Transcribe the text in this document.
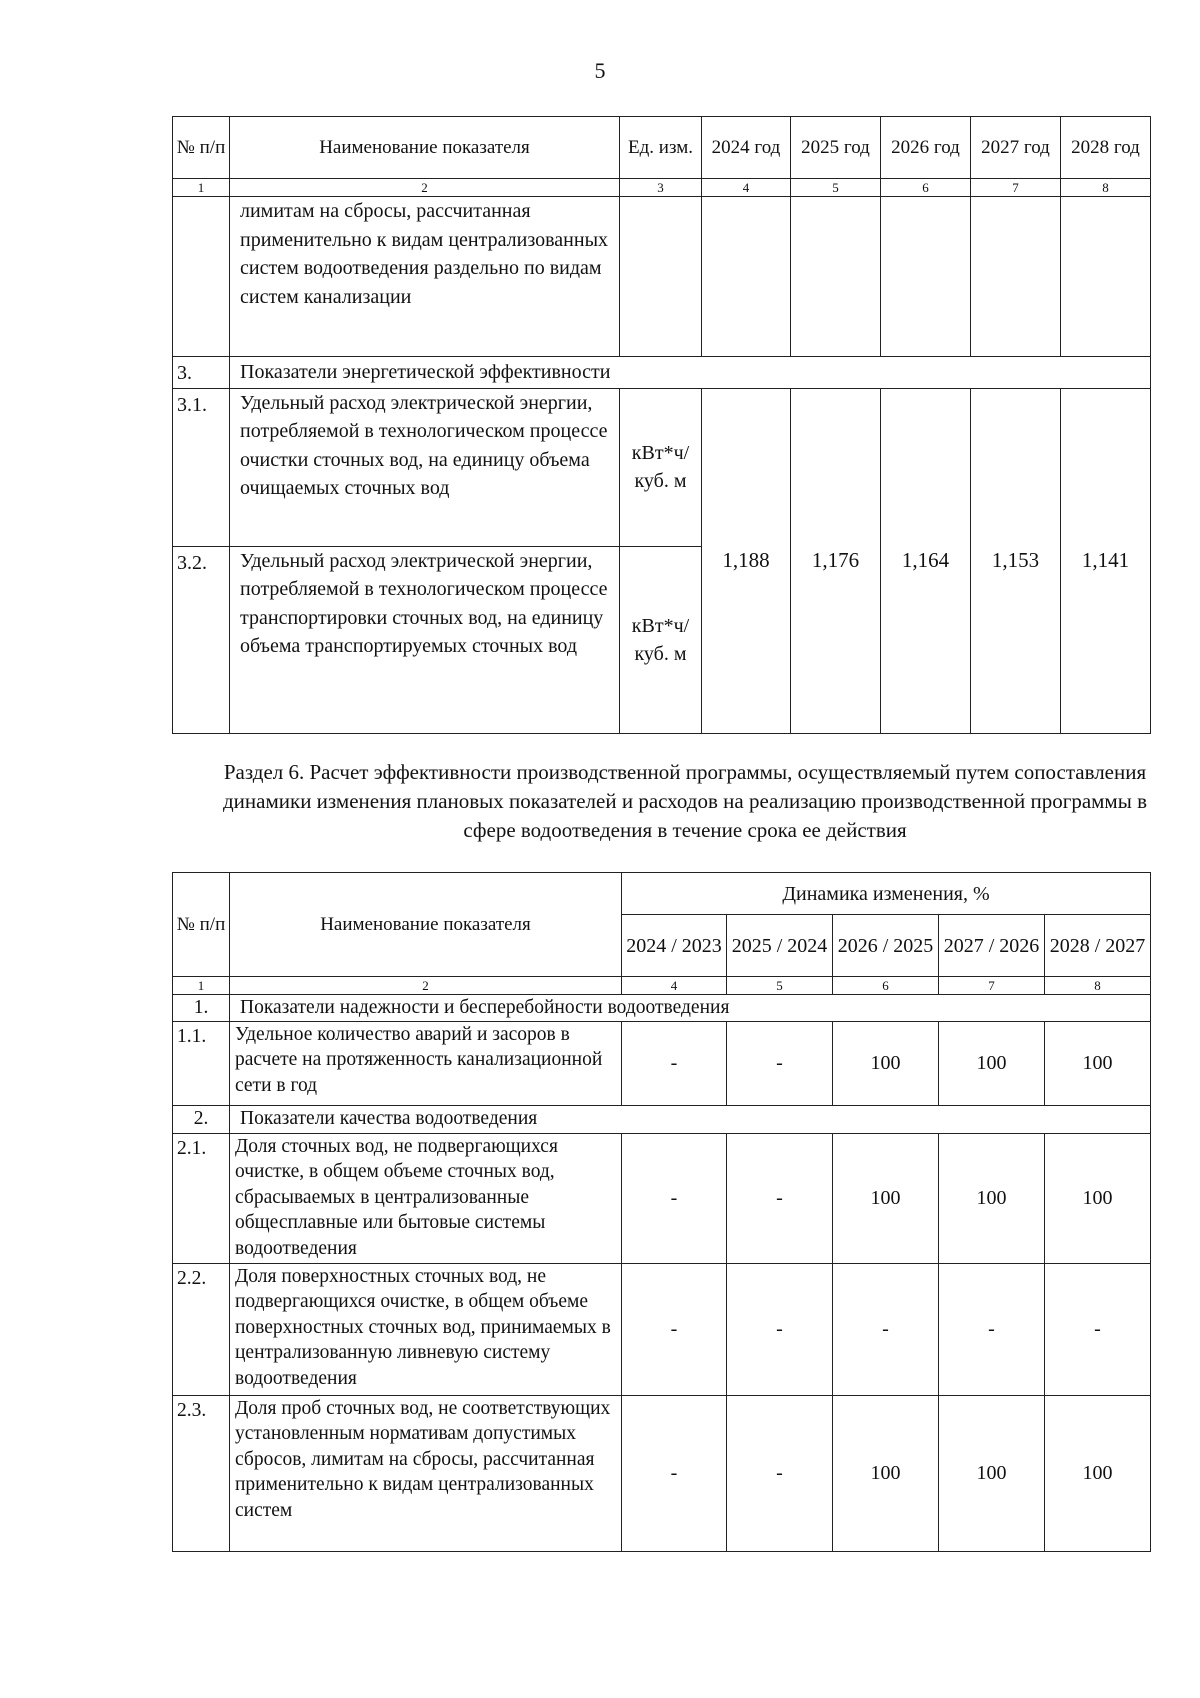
5
№ п/п	Наименование показателя	Ед. изм.	2024 год	2025 год	2026 год	2027 год	2028 год
1	2	3	4	5	6	7	8
	лимитам на сбросы, рассчитанная применительно к видам централизованных систем водоотведения раздельно по видам систем канализации						
3.	Показатели энергетической эффективности						
3.1.	Удельный расход электрической энергии, потребляемой в технологическом процессе очистки сточных вод, на единицу объема очищаемых сточных вод	кВт*ч/ куб. м	1,188	1,176	1,164	1,153	1,141
3.2.	Удельный расход электрической энергии, потребляемой в технологическом процессе транспортировки сточных вод, на единицу объема транспортируемых сточных вод	кВт*ч/ куб. м					
Раздел 6. Расчет эффективности производственной программы, осуществляемый путем сопоставления динамики изменения плановых показателей и расходов на реализацию производственной программы в сфере водоотведения в течение срока ее действия
№ п/п	Наименование показателя	Динамика изменения, %				
		2024 / 2023	2025 / 2024	2026 / 2025	2027 / 2026	2028 / 2027
1	2	4	5	6	7	8
1.	Показатели надежности и бесперебойности водоотведения					
1.1.	Удельное количество аварий и засоров в расчете на протяженность канализационной сети в год	-	-	100	100	100
2.	Показатели качества водоотведения					
2.1.	Доля сточных вод, не подвергающихся очистке, в общем объеме сточных вод, сбрасываемых в централизованные общесплавные или бытовые системы водоотведения	-	-	100	100	100
2.2.	Доля поверхностных сточных вод, не подвергающихся очистке, в общем объеме поверхностных сточных вод, принимаемых в централизованную ливневую систему водоотведения	-	-	-	-	-
2.3.	Доля проб сточных вод, не соответствующих установленным нормативам допустимых сбросов, лимитам на сбросы, рассчитанная применительно к видам централизованных систем	-	-	100	100	100
